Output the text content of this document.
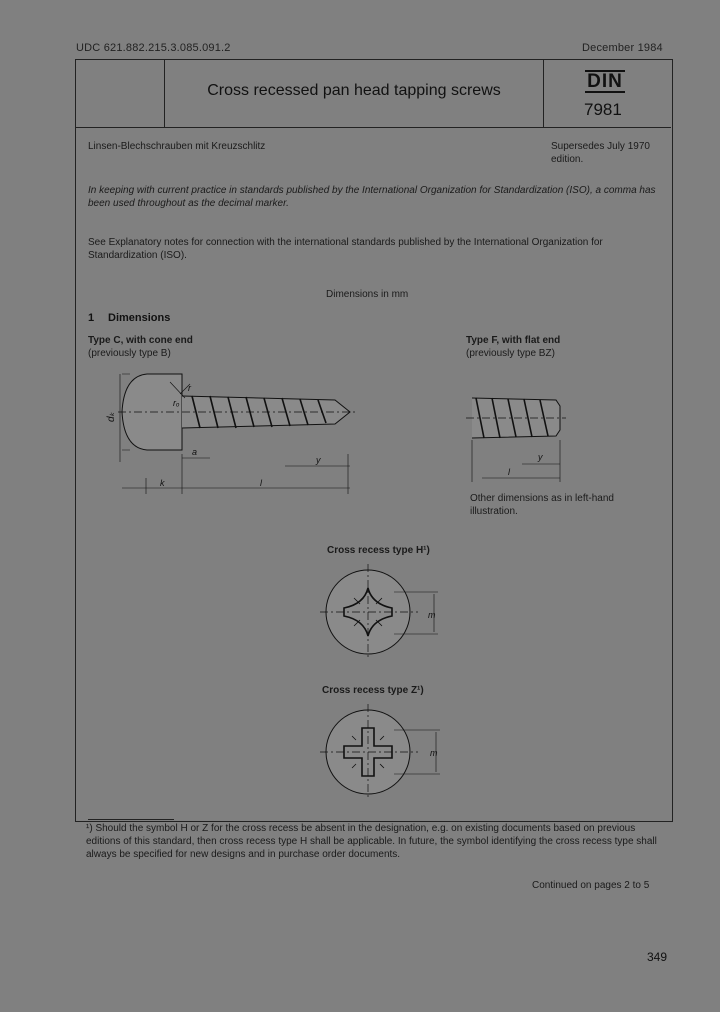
UDC 621.882.215.3.085.091.2	December 1984
Cross recessed pan head tapping screws	DIN
7981
Linsen-Blechschrauben mit Kreuzschlitz	Supersedes July 1970 edition.
In keeping with current practice in standards published by the International Organization for Standardization (ISO), a comma has been used throughout as the decimal marker.
See Explanatory notes for connection with the international standards published by the International Organization for Standardization (ISO).
Dimensions in mm
1 Dimensions
Type C, with cone end
(previously type B)
Type F, with flat end
(previously type BZ)
dₖ
rₒ
r
a
y
k	l
y
l
Other dimensions as in left-hand illustration.
Cross recess type H¹)
m
Cross recess type Z¹)
m
¹) Should the symbol H or Z for the cross recess be absent in the designation, e.g. on existing documents based on previous editions of this standard, then cross recess type H shall be applicable. In future, the symbol identifying the cross recess type shall always be specified for new designs and in purchase order documents.
Continued on pages 2 to 5
349
